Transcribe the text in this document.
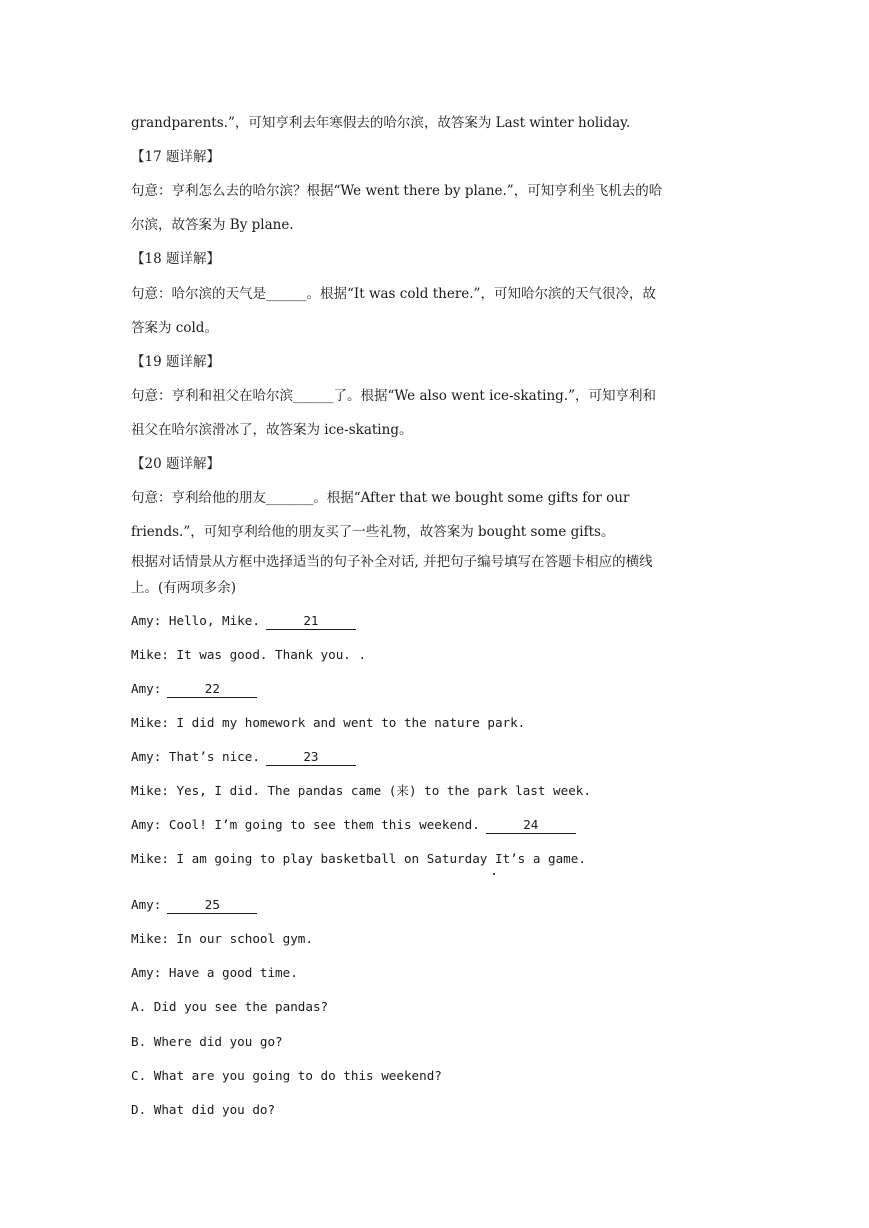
grandparents.”，可知亨利去年寒假去的哈尔滨，故答案为 Last winter holiday.
【17 题详解】
句意：亨利怎么去的哈尔滨？根据“We went there by plane.”，可知亨利坐飞机去的哈
尔滨，故答案为 By plane.
【18 题详解】
句意：哈尔滨的天气是______。根据“It was cold there.”，可知哈尔滨的天气很冷，故
答案为 cold。
【19 题详解】
句意：亨利和祖父在哈尔滨______了。根据“We also went ice-skating.”，可知亨利和
祖父在哈尔滨滑冰了，故答案为 ice-skating。
【20 题详解】
句意：亨利给他的朋友_______。根据“After that we bought some gifts for our
friends.”，可知亨利给他的朋友买了一些礼物，故答案为 bought some gifts。
根据对话情景从方框中选择适当的句子补全对话, 并把句子编号填写在答题卡相应的横线
上。(有两项多余)
Amy: Hello, Mike.	21
Mike: It was good. Thank you. .
Amy:	22
Mike: I did my homework and went to the nature park.
Amy: That’s nice.	23
Mike: Yes, I did. The pandas came (来) to the park last week.
Amy: Cool! I’m going to see them this weekend.	24
Mike: I am going to play basketball on Saturday It’s a game.
Amy:	25
Mike: In our school gym.
Amy: Have a good time.
A. Did you see the pandas?
B. Where did you go?
C. What are you going to do this weekend?
D. What did you do?
